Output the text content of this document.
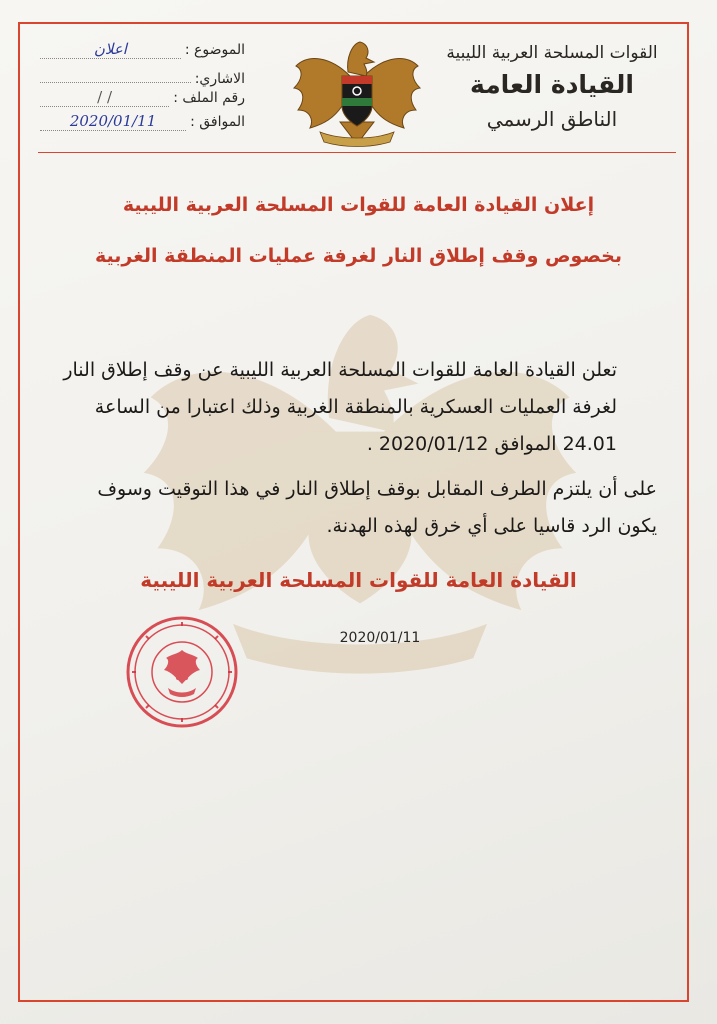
القوات المسلحة العربية الليبية
القيادة العامة
الناطق الرسمي
الموضوع :
اعلان
الاشاري:
رقم الملف :
/ /
الموافق :
2020/01/11
إعلان القيادة العامة للقوات المسلحة العربية الليبية
بخصوص وقف إطلاق النار لغرفة عمليات المنطقة الغربية

تعلن القيادة العامة للقوات المسلحة العربية الليبية عن وقف إطلاق النار لغرفة العمليات العسكرية بالمنطقة الغربية وذلك اعتبارا من الساعة 24.01 الموافق 2020/01/12 .

على أن يلتزم الطرف المقابل بوقف إطلاق النار في هذا التوقيت وسوف يكون الرد قاسيا على أي خرق لهذه الهدنة.

القيادة العامة للقوات المسلحة العربية الليبية
2020/01/11
